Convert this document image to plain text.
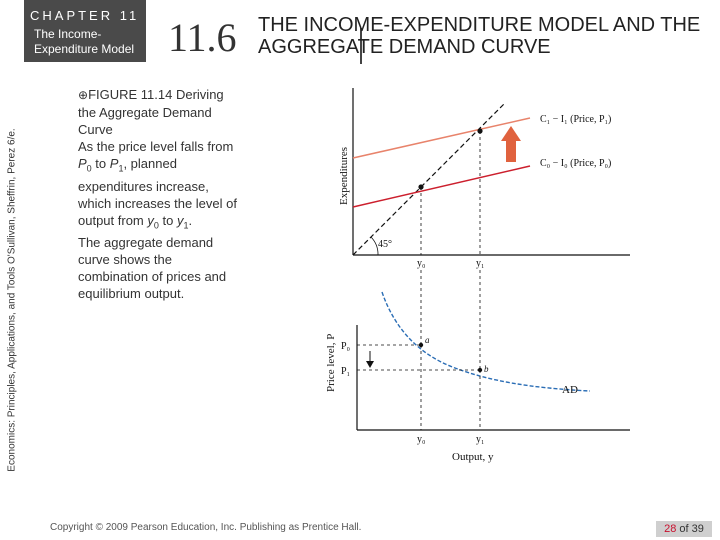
CHAPTER 11
The Income-Expenditure Model 11.6 THE INCOME-EXPENDITURE MODEL AND THE AGGREGATE DEMAND CURVE
Economics: Principles, Applications, and Tools O'Sullivan, Sheffrin, Perez 6/e.
⊕FIGURE 11.14 Deriving the Aggregate Demand Curve
As the price level falls from $P_0$ to $P_1$, planned expenditures increase, which increases the level of output from $y_0$ to $y_1$.
The aggregate demand curve shows the combination of prices and equilibrium output.
45°
C₁ − I₁ (Price, P₁)
C₀ − I₀ (Price, P₀)
y₀	y₁
Expenditures
AD
a
b
P₀
P₁
y₀	y₁
Output, y
Price level, P
Copyright © 2009 Pearson Education, Inc. Publishing as Prentice Hall.	28 of 39
